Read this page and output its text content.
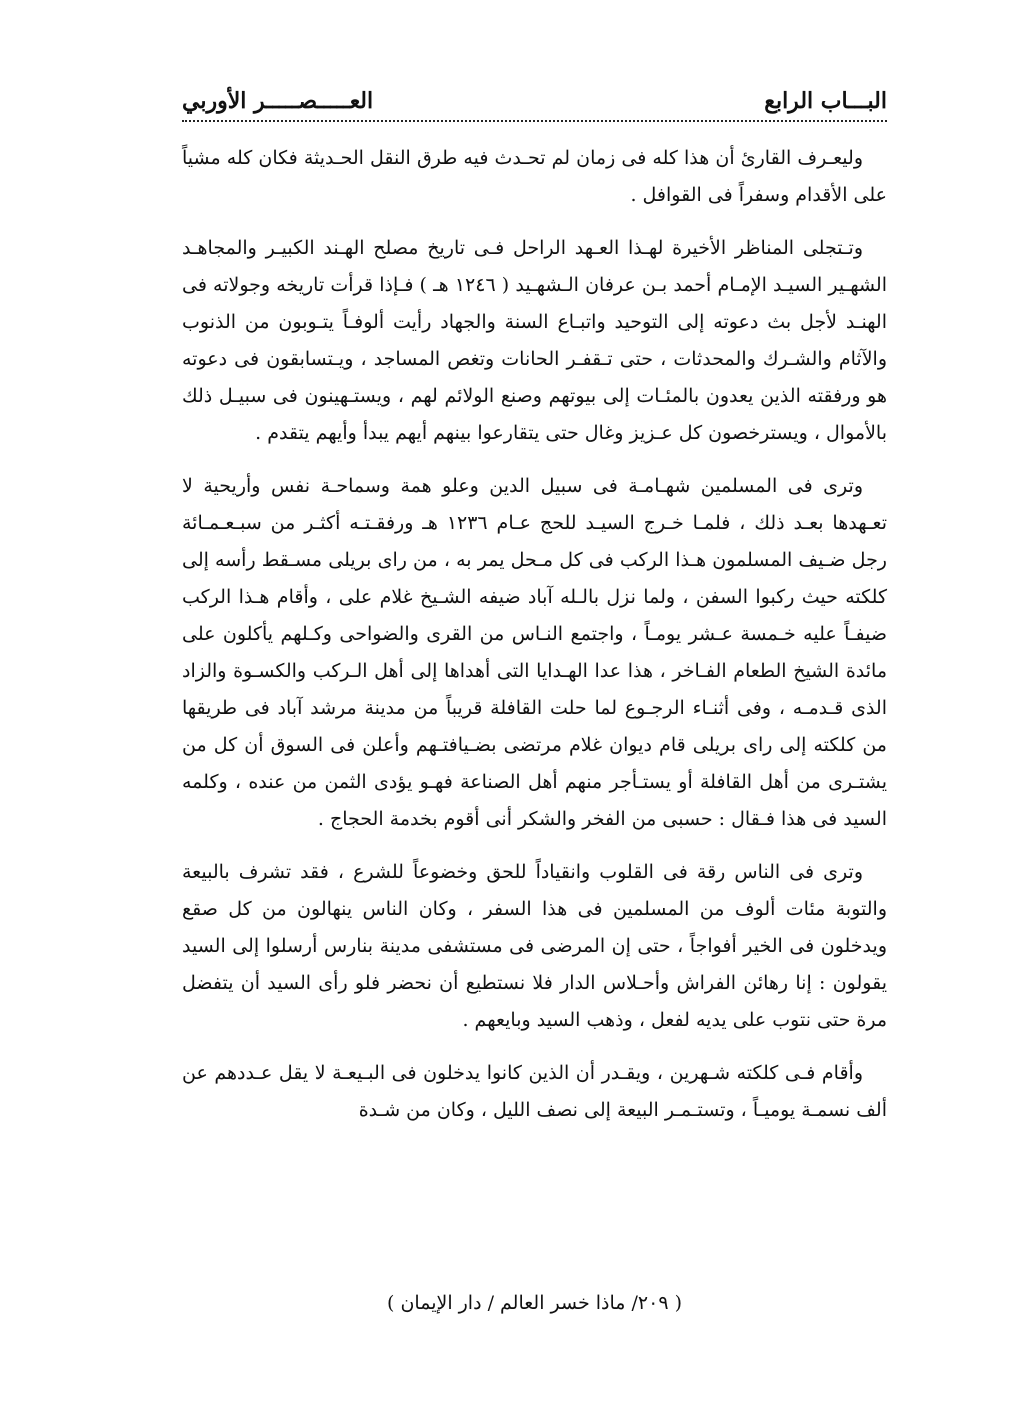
البـــاب الرابع
العـــــصـــــر الأوربي

وليعـرف القارئ أن هذا كله فى زمان لم تحـدث فيه طرق النقل الحـديثة فكان كله مشياً على الأقدام وسفراً فى القوافل .

وتـتجلى المناظر الأخيرة لهـذا العـهد الراحل فـى تاريخ مصلح الهـند الكبيـر والمجاهـد الشهـير السيـد الإمـام أحمد بـن عرفان الـشهـيد ( ١٢٤٦ هـ ) فـإذا قرأت تاريخه وجولاته فى الهنـد لأجل بث دعوته إلى التوحيد واتبـاع السنة والجهاد رأيت ألوفـاً يتـوبون من الذنوب والآثام والشـرك والمحدثات ، حتى تـقفـر الحانات وتغص المساجد ، ويـتسابقون فى دعوته هو ورفقته الذين يعدون بالمئـات إلى بيوتهم وصنع الولائم لهم ، ويستـهينون فى سبيـل ذلك بالأموال ، ويسترخصون كل عـزيز وغال حتى يتقارعوا بينهم أيهم يبدأ وأيهم يتقدم .

وترى فى المسلمين شهـامـة فى سبيل الدين وعلو همة وسماحـة نفس وأريحية لا تعـهدها بعـد ذلك ، فلمـا خـرج السيـد للحج عـام ١٢٣٦ هـ ورفقـتـه أكثـر من سبـعـمـائة رجل ضـيف المسلمون هـذا الركب فى كل مـحل يمر به ، من راى بريلى مسـقط رأسه إلى كلكته حيث ركبوا السفن ، ولما نزل بالـله آباد ضيفه الشـيخ غلام على ، وأقام هـذا الركب ضيفـاً عليه خـمسة عـشر يومـاً ، واجتمع النـاس من القرى والضواحى وكـلهم يأكلون على مائدة الشيخ الطعام الفـاخر ، هذا عدا الهـدايا التى أهداها إلى أهل الـركب والكسـوة والزاد الذى قـدمـه ، وفى أثنـاء الرجـوع لما حلت القافلة قريباً من مدينة مرشد آباد فى طريقها من كلكته إلى راى بريلى قام ديوان غلام مرتضى بضـيافتـهم وأعلن فى السوق أن كل من يشتـرى من أهل القافلة أو يستـأجر منهم أهل الصناعة فهـو يؤدى الثمن من عنده ، وكلمه السيد فى هذا فـقال : حسبى من الفخر والشكر أنى أقوم بخدمة الحجاج .

وترى فى الناس رقة فى القلوب وانقياداً للحق وخضوعاً للشرع ، فقد تشرف بالبيعة والتوبة مئات ألوف من المسلمين فى هذا السفر ، وكان الناس ينهالون من كل صقع ويدخلون فى الخير أفواجاً ، حتى إن المرضى فى مستشفى مدينة بنارس أرسلوا إلى السيد يقولون : إنا رهائن الفراش وأحـلاس الدار فلا نستطيع أن نحضر فلو رأى السيد أن يتفضل مرة حتى نتوب على يديه لفعل ، وذهب السيد وبايعهم .

وأقام فـى كلكته شـهرين ، ويقـدر أن الذين كانوا يدخلون فى البـيعـة لا يقل عـددهم عن ألف نسمـة يوميـاً ، وتستـمـر البيعة إلى نصف الليل ، وكان من شـدة

( ٢٠٩/ ماذا خسر العالم / دار الإيمان )
